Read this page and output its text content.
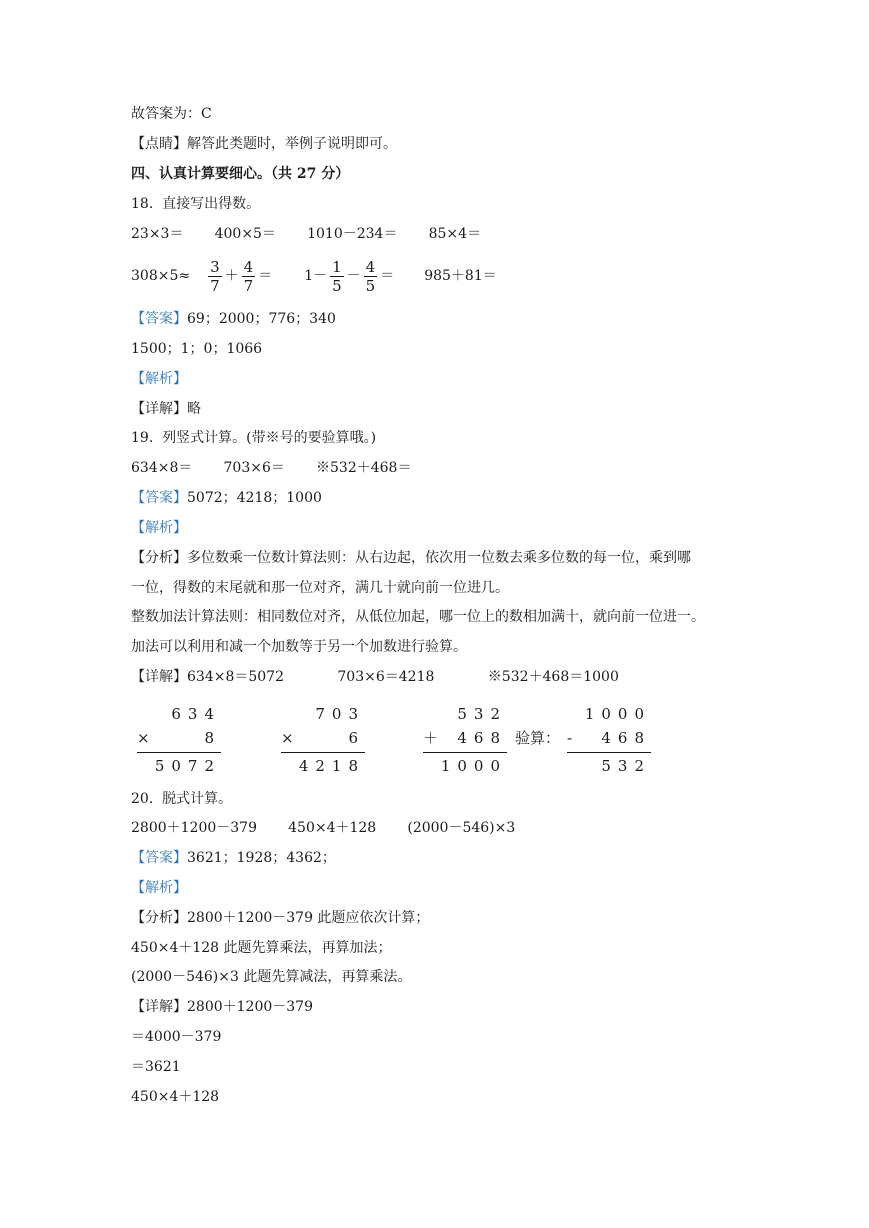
故答案为：C
【点睛】解答此类题时，举例子说明即可。
四、认真计算要细心。（共 27 分）
18.  直接写出得数。
23×3＝       400×5＝       1010－234＝       85×4＝
$308\times 5\approx \frac{3}{7} + \frac{4}{7} = 1- \frac{1}{5} - \frac{4}{5} = 985+81=$
【答案】69；2000；776；340
1500；1；0；1066
【解析】
【详解】略
19.  列竖式计算。(带※号的要验算哦。)
634×8＝       703×6＝       ※532＋468＝
【答案】5072；4218；1000
【解析】
【分析】多位数乘一位数计算法则：从右边起，依次用一位数去乘多位数的每一位，乘到哪
一位，得数的末尾就和那一位对齐，满几十就向前一位进几。
整数加法计算法则：相同数位对齐，从低位加起，哪一位上的数相加满十，就向前一位进一。
加法可以利用和减一个加数等于另一个加数进行验算。
【详解】634×8＝5072            703×6＝4218            ※532＋468＝1000
634
×	8
5072
703
×	6
4218
532
＋ 468
1000
验算：
1000
- 468
532
20.  脱式计算。
2800＋1200－379       450×4＋128       (2000－546)×3
【答案】3621；1928；4362；
【解析】
【分析】2800＋1200－379 此题应依次计算；
450×4＋128 此题先算乘法，再算加法；
(2000－546)×3 此题先算减法，再算乘法。
【详解】2800＋1200－379
＝4000－379
＝3621
450×4＋128
